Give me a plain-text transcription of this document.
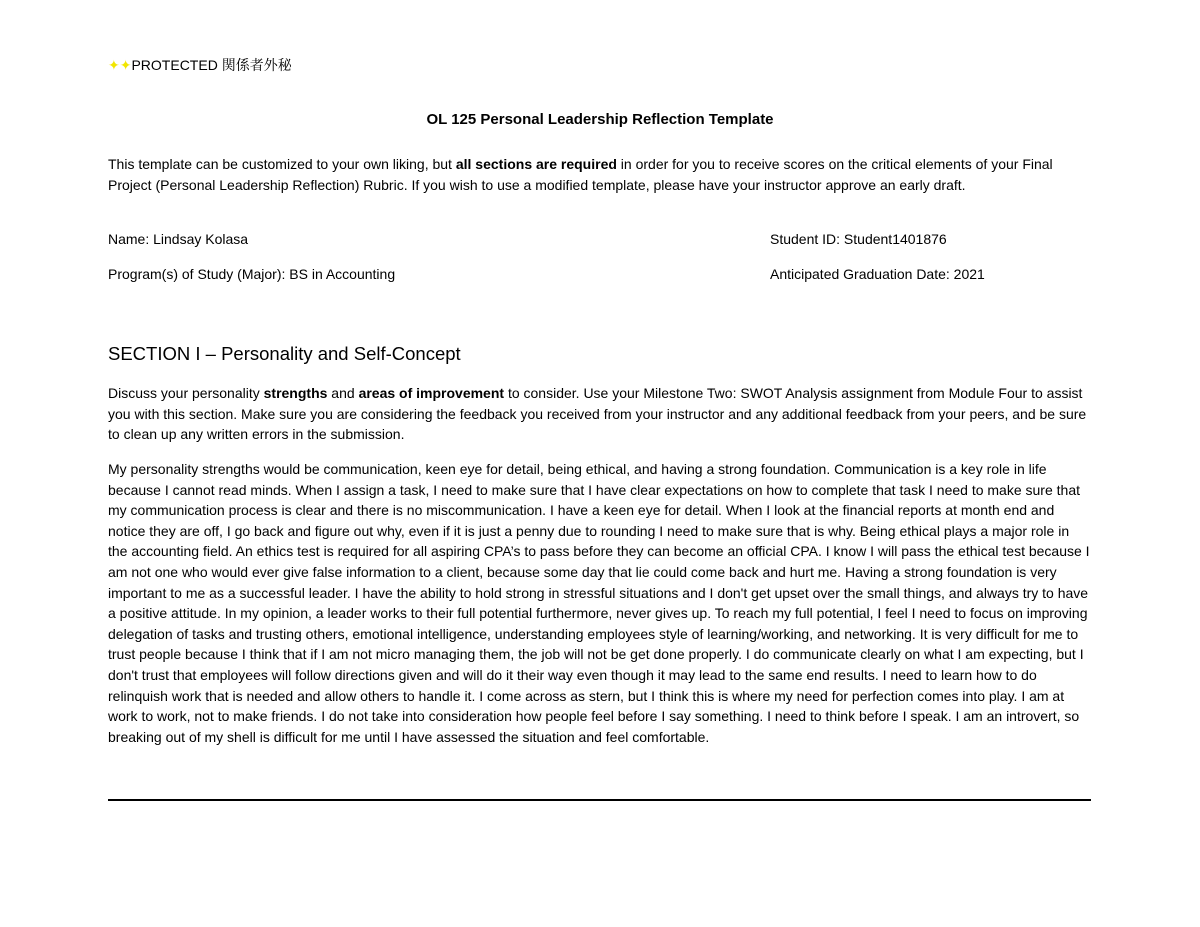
✦✦PROTECTED 関係者外秘
OL 125 Personal Leadership Reflection Template
This template can be customized to your own liking, but all sections are required in order for you to receive scores on the critical elements of your Final Project (Personal Leadership Reflection) Rubric. If you wish to use a modified template, please have your instructor approve an early draft.
Name: Lindsay Kolasa	Student ID: Student1401876
Program(s) of Study (Major): BS in Accounting	Anticipated Graduation Date: 2021
SECTION I – Personality and Self-Concept
Discuss your personality strengths and areas of improvement to consider. Use your Milestone Two: SWOT Analysis assignment from Module Four to assist you with this section. Make sure you are considering the feedback you received from your instructor and any additional feedback from your peers, and be sure to clean up any written errors in the submission.
My personality strengths would be communication, keen eye for detail, being ethical, and having a strong foundation. Communication is a key role in life because I cannot read minds. When I assign a task, I need to make sure that I have clear expectations on how to complete that task I need to make sure that my communication process is clear and there is no miscommunication. I have a keen eye for detail. When I look at the financial reports at month end and notice they are off, I go back and figure out why, even if it is just a penny due to rounding I need to make sure that is why. Being ethical plays a major role in the accounting field. An ethics test is required for all aspiring CPA’s to pass before they can become an official CPA. I know I will pass the ethical test because I am not one who would ever give false information to a client, because some day that lie could come back and hurt me. Having a strong foundation is very important to me as a successful leader. I have the ability to hold strong in stressful situations and I don't get upset over the small things, and always try to have a positive attitude. In my opinion, a leader works to their full potential furthermore, never gives up. To reach my full potential, I feel I need to focus on improving delegation of tasks and trusting others, emotional intelligence, understanding employees style of learning/working, and networking. It is very difficult for me to trust people because I think that if I am not micro managing them, the job will not be get done properly. I do communicate clearly on what I am expecting, but I don't trust that employees will follow directions given and will do it their way even though it may lead to the same end results. I need to learn how to do relinquish work that is needed and allow others to handle it. I come across as stern, but I think this is where my need for perfection comes into play. I am at work to work, not to make friends. I do not take into consideration how people feel before I say something. I need to think before I speak. I am an introvert, so breaking out of my shell is difficult for me until I have assessed the situation and feel comfortable.
